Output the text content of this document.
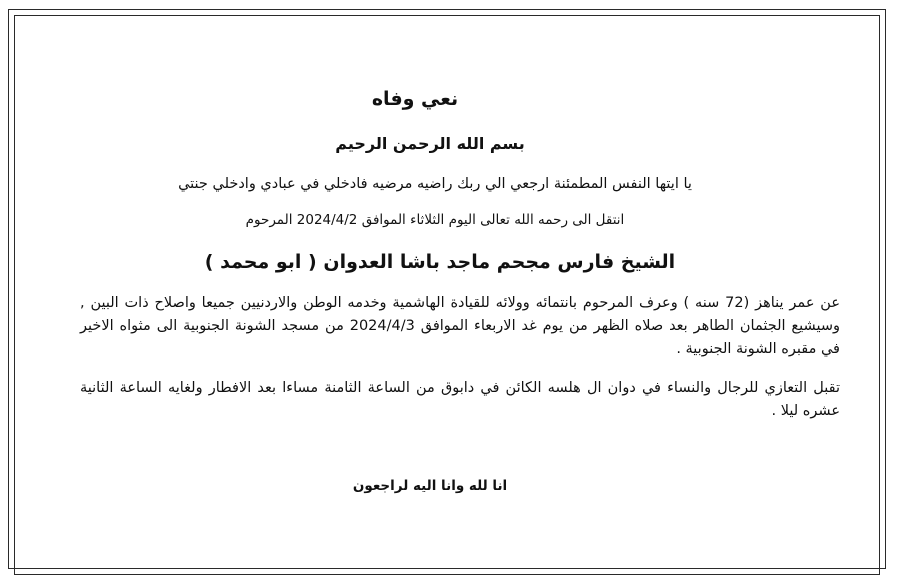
نعي وفاه

بسم الله الرحمن الرحيم

يا ايتها النفس المطمئنة ارجعي الي ربك راضيه مرضيه فادخلي في عبادي وادخلي جنتي

انتقل الى رحمه الله تعالى اليوم الثلاثاء الموافق 2024/4/2 المرحوم

الشيخ فارس مجحم ماجد باشا العدوان ( ابو محمد )

عن عمر يناهز (72 سنه ) وعرف المرحوم بانتمائه وولائه للقيادة الهاشمية وخدمه الوطن والاردنيين جميعا واصلاح ذات البين , وسيشيع الجثمان الطاهر بعد صلاه الظهر من يوم غد الاربعاء الموافق 2024/4/3 من مسجد الشونة الجنوبية الى مثواه الاخير في مقبره الشونة الجنوبية .

تقبل التعازي للرجال والنساء في دوان ال هلسه الكائن في دابوق من الساعة الثامنة مساءا بعد الافطار ولغايه الساعة الثانية عشره ليلا .

انا لله وانا اليه لراجعون
